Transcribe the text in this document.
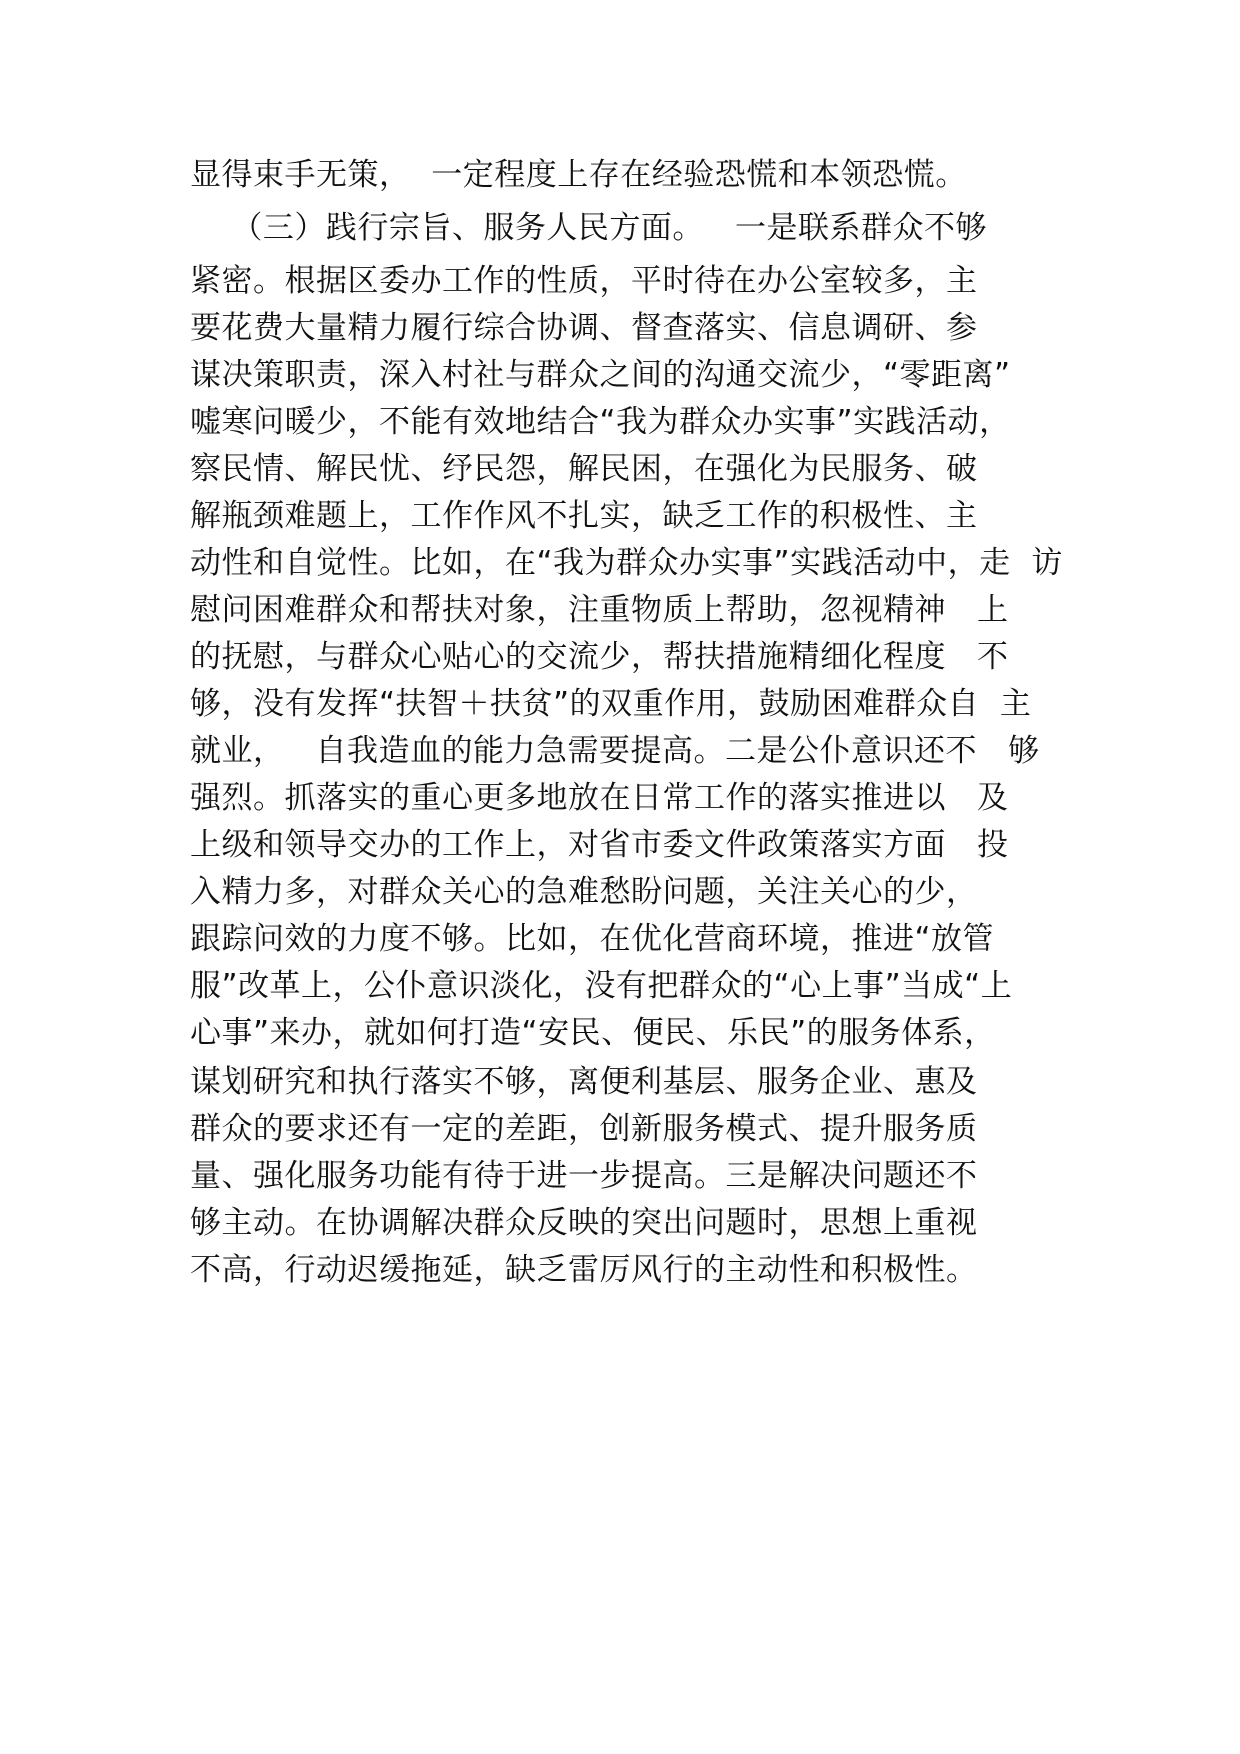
显得束手无策，  一定程度上存在经验恐慌和本领恐慌。
（三）践行宗旨、服务人民方面。   一是联系群众不够
紧密。根据区委办工作的性质，平时待在办公室较多，主
要花费大量精力履行综合协调、督查落实、信息调研、参
谋决策职责，深入村社与群众之间的沟通交流少，“零距离”
嘘寒问暖少，不能有效地结合“我为群众办实事”实践活动，
察民情、解民忧、纾民怨，解民困，在强化为民服务、破
解瓶颈难题上，工作作风不扎实，缺乏工作的积极性、主
动性和自觉性。比如，在“我为群众办实事”实践活动中，走  访
慰问困难群众和帮扶对象，注重物质上帮助，忽视精神   上
的抚慰，与群众心贴心的交流少，帮扶措施精细化程度   不
够，没有发挥“扶智＋扶贫”的双重作用，鼓励困难群众自  主
就业，   自我造血的能力急需要提高。二是公仆意识还不   够
强烈。抓落实的重心更多地放在日常工作的落实推进以   及
上级和领导交办的工作上，对省市委文件政策落实方面   投
入精力多，对群众关心的急难愁盼问题，关注关心的少，
跟踪问效的力度不够。比如，在优化营商环境，推进“放管
服”改革上，公仆意识淡化，没有把群众的“心上事”当成“上
心事”来办，就如何打造“安民、便民、乐民”的服务体系，
谋划研究和执行落实不够，离便利基层、服务企业、惠及
群众的要求还有一定的差距，创新服务模式、提升服务质
量、强化服务功能有待于进一步提高。三是解决问题还不
够主动。在协调解决群众反映的突出问题时，思想上重视
不高，行动迟缓拖延，缺乏雷厉风行的主动性和积极性。
